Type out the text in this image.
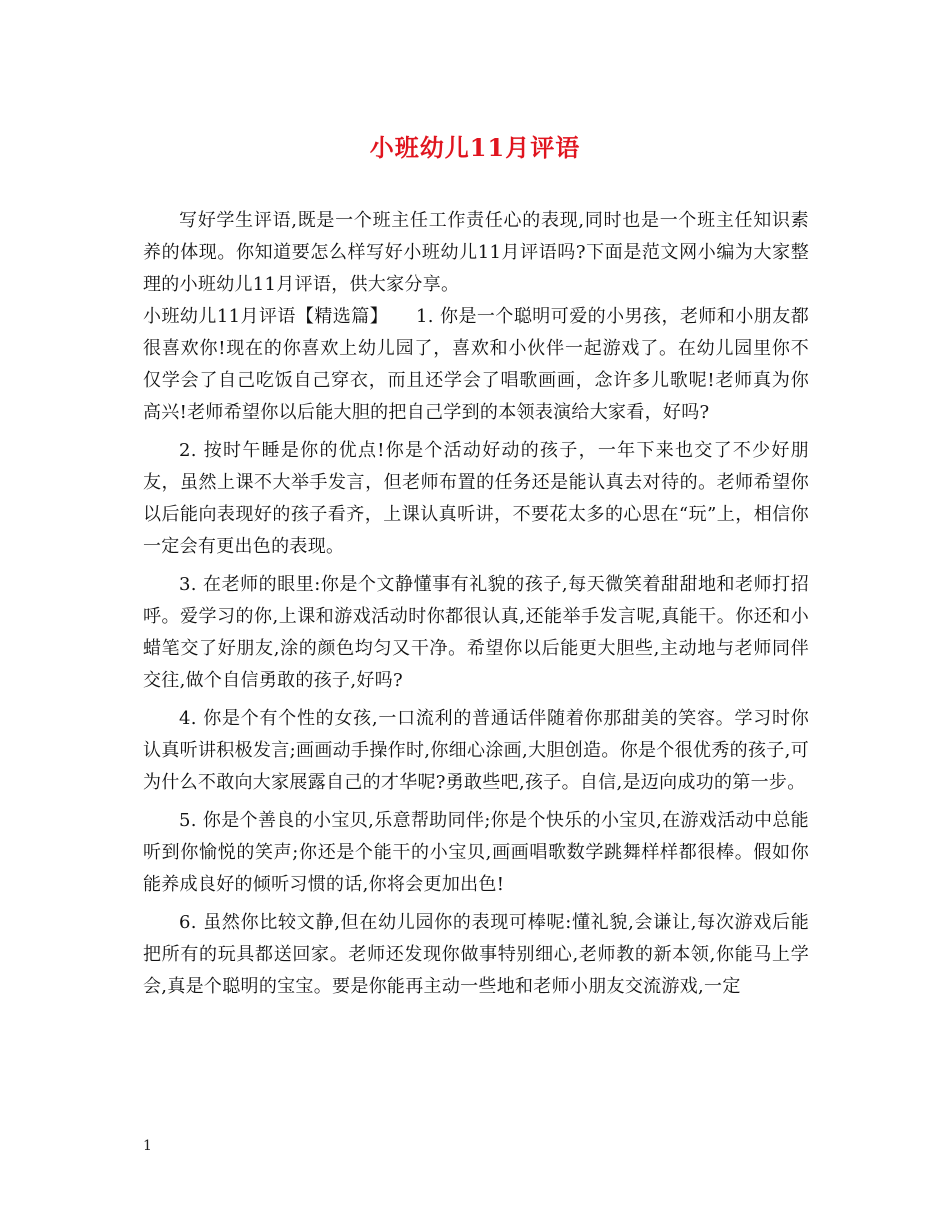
小班幼儿11月评语

写好学生评语,既是一个班主任工作责任心的表现,同时也是一个班主任知识素养的体现。你知道要怎么样写好小班幼儿11月评语吗?下面是范文网小编为大家整理的小班幼儿11月评语，供大家分享。

小班幼儿11月评语【精选篇】　　1. 你是一个聪明可爱的小男孩，老师和小朋友都很喜欢你!现在的你喜欢上幼儿园了，喜欢和小伙伴一起游戏了。在幼儿园里你不仅学会了自己吃饭自己穿衣，而且还学会了唱歌画画，念许多儿歌呢!老师真为你高兴!老师希望你以后能大胆的把自己学到的本领表演给大家看，好吗?

2. 按时午睡是你的优点!你是个活动好动的孩子，一年下来也交了不少好朋友，虽然上课不大举手发言，但老师布置的任务还是能认真去对待的。老师希望你以后能向表现好的孩子看齐，上课认真听讲，不要花太多的心思在“玩”上，相信你一定会有更出色的表现。

3. 在老师的眼里:你是个文静懂事有礼貌的孩子,每天微笑着甜甜地和老师打招呼。爱学习的你,上课和游戏活动时你都很认真,还能举手发言呢,真能干。你还和小蜡笔交了好朋友,涂的颜色均匀又干净。希望你以后能更大胆些,主动地与老师同伴交往,做个自信勇敢的孩子,好吗?

4. 你是个有个性的女孩,一口流利的普通话伴随着你那甜美的笑容。学习时你认真听讲积极发言;画画动手操作时,你细心涂画,大胆创造。你是个很优秀的孩子,可为什么不敢向大家展露自己的才华呢?勇敢些吧,孩子。自信,是迈向成功的第一步。

5. 你是个善良的小宝贝,乐意帮助同伴;你是个快乐的小宝贝,在游戏活动中总能听到你愉悦的笑声;你还是个能干的小宝贝,画画唱歌数学跳舞样样都很棒。假如你能养成良好的倾听习惯的话,你将会更加出色!

6. 虽然你比较文静,但在幼儿园你的表现可棒呢:懂礼貌,会谦让,每次游戏后能把所有的玩具都送回家。老师还发现你做事特别细心,老师教的新本领,你能马上学会,真是个聪明的宝宝。要是你能再主动一些地和老师小朋友交流游戏,一定

1
